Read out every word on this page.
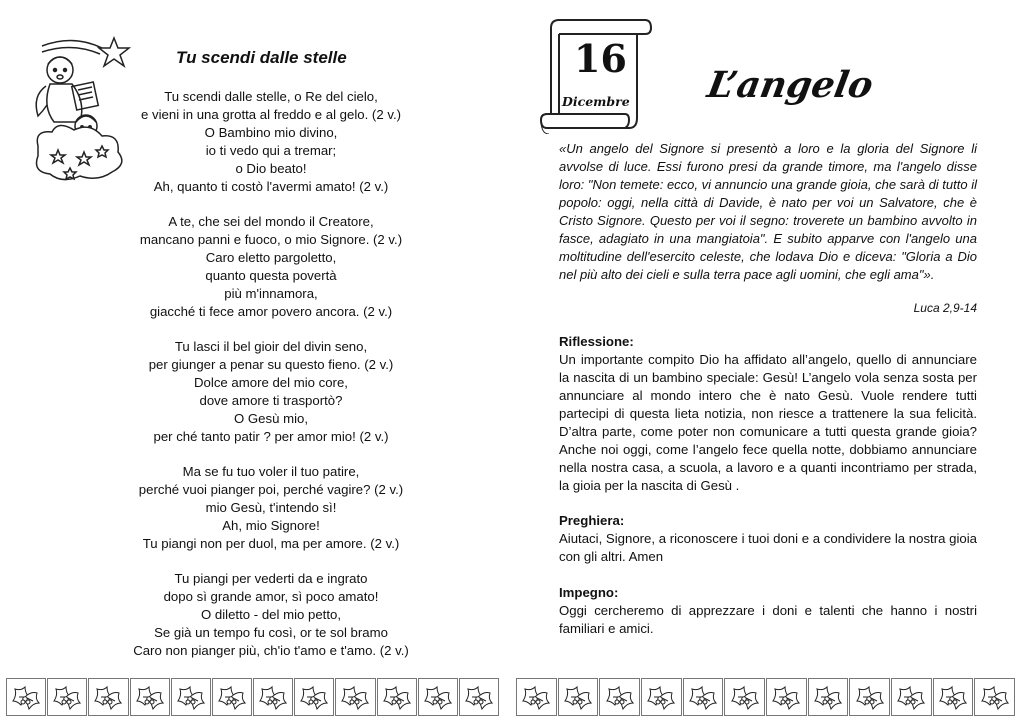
Tu scendi dalle stelle
Tu scendi dalle stelle, o Re del cielo,
e vieni in una grotta al freddo e al gelo. (2 v.)
O Bambino mio divino,
io ti vedo qui a tremar;
o Dio beato!
Ah, quanto ti costò l'avermi amato! (2 v.)
A te, che sei del mondo il Creatore,
mancano panni e fuoco, o mio Signore. (2 v.)
Caro eletto pargoletto,
quanto questa povertà
più m'innamora,
giacché ti fece amor povero ancora. (2 v.)
Tu lasci il bel gioir del divin seno,
per giunger a penar su questo fieno. (2 v.)
Dolce amore del mio core,
dove amore ti trasportò?
O Gesù mio,
per ché tanto patir ? per amor mio! (2 v.)
Ma se fu tuo voler il tuo patire,
perché vuoi pianger poi, perché vagire? (2 v.)
mio Gesù, t'intendo sì!
Ah, mio Signore!
Tu piangi non per duol, ma per amore. (2 v.)
Tu piangi per vederti da e ingrato
dopo sì grande amor, sì poco amato!
O diletto - del mio petto,
Se già un tempo fu così, or te sol bramo
Caro non pianger più, ch'io t'amo e t'amo. (2 v.)
16
Dicembre L’angelo
«Un angelo del Signore si presentò a loro e la gloria del Signore li avvolse di luce. Essi furono presi da grande timore, ma l'angelo disse loro: "Non temete: ecco, vi annuncio una grande gioia, che sarà di tutto il popolo: oggi, nella città di Davide, è nato per voi un Salvatore, che è Cristo Signore. Questo per voi il segno: troverete un bambino avvolto in fasce, adagiato in una mangiatoia". E subito apparve con l'angelo una moltitudine dell'esercito celeste, che lodava Dio e diceva: "Gloria a Dio nel più alto dei cieli e sulla terra pace agli uomini, che egli ama"».
Luca 2,9-14
Riflessione:
Un importante compito Dio ha affidato all’angelo, quello di annunciare la nascita di un bambino speciale: Gesù! L’angelo vola senza sosta per annunciare al mondo intero che è nato Gesù. Vuole rendere tutti partecipi di questa lieta notizia, non riesce a trattenere la sua felicità. D’altra parte, come poter non comunicare a tutti questa grande gioia? Anche noi oggi, come l’angelo fece quella notte, dobbiamo annunciare nella nostra casa, a scuola, a lavoro e a quanti incontriamo per strada, la gioia per la nascita di Gesù .
Preghiera:
Aiutaci, Signore, a riconoscere i tuoi doni e a condividere la nostra gioia con gli altri. Amen
Impegno:
Oggi cercheremo di apprezzare i doni e talenti che hanno i nostri familiari e amici.
